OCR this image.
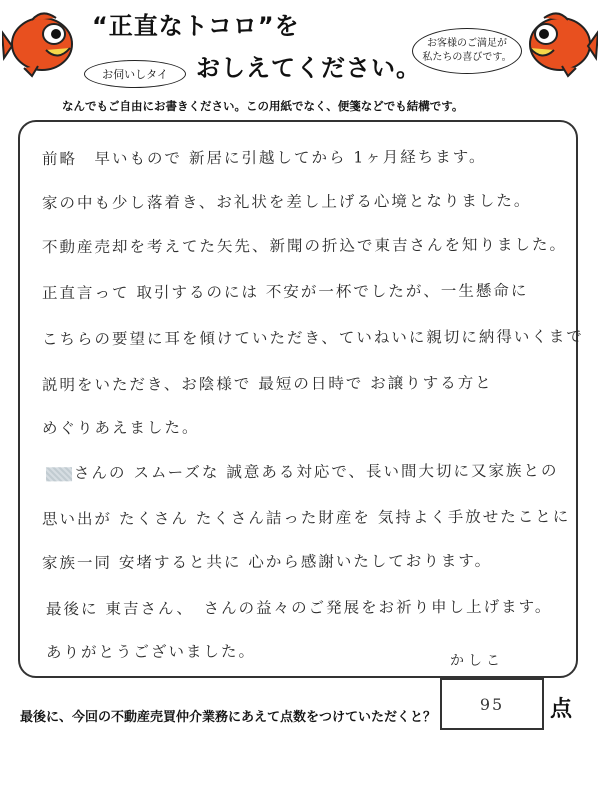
“正直なトコロ”を
おしえてください。
お伺いしタイ
お客様のご満足が
私たちの喜びです。
なんでもご自由にお書きください。この用紙でなく、便箋などでも結構です。
前略　早いもので 新居に引越してから 1ヶ月経ちます。
家の中も少し落着き、お礼状を差し上げる心境となりました。
不動産売却を考えてた矢先、新聞の折込で東吉さんを知りました。
正直言って 取引するのには 不安が一杯でしたが、一生懸命に
こちらの要望に耳を傾けていただき、ていねいに親切に納得いくまで
説明をいただき、お陰様で 最短の日時で お譲りする方と
めぐりあえました。
さんの スムーズな 誠意ある対応で、長い間大切に又家族との
思い出が たくさん たくさん詰った財産を 気持よく手放せたことに
家族一同 安堵すると共に 心から感謝いたしております。
最後に 東吉さん、　さんの益々のご発展をお祈り申し上げます。
ありがとうございました。	かしこ
最後に、今回の不動産売買仲介業務にあえて点数をつけていただくと？
95 点
